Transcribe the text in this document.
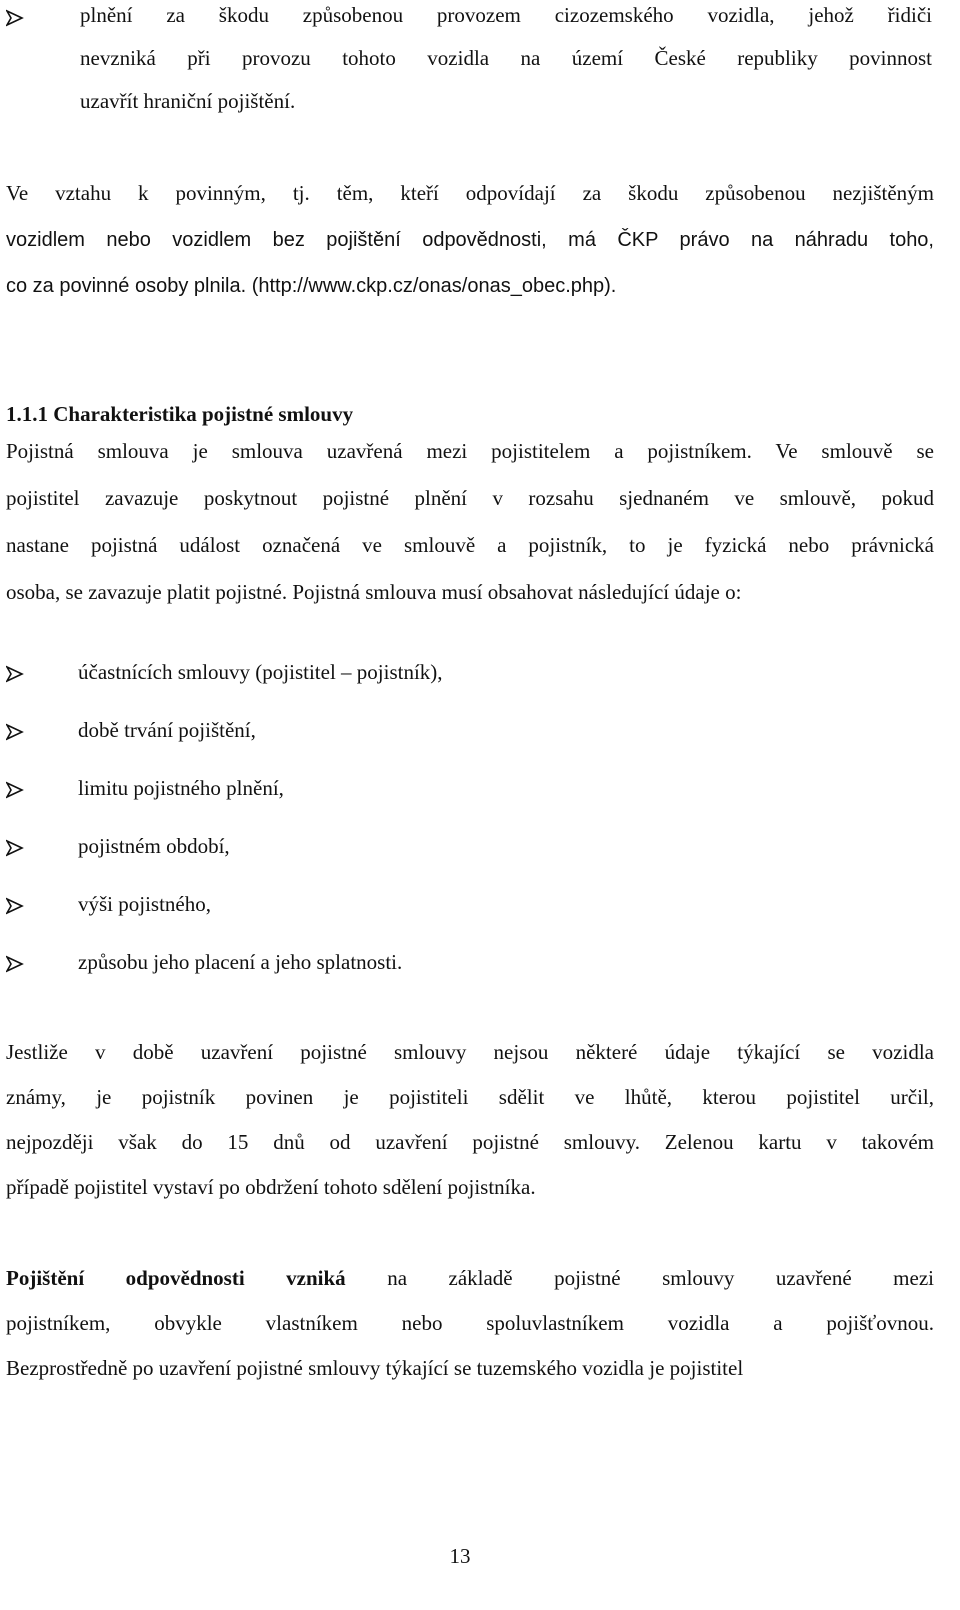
plnění za škodu způsobenou provozem cizozemského vozidla, jehož řidiči
nevzniká při provozu tohoto vozidla na území České republiky povinnost
uzavřít hraniční pojištění.
Ve vztahu k povinným, tj. těm, kteří odpovídají za škodu způsobenou nezjištěným
vozidlem nebo vozidlem bez pojištění odpovědnosti, má ČKP právo na náhradu toho,
co za povinné osoby plnila. (http://www.ckp.cz/onas/onas_obec.php).
1.1.1 Charakteristika pojistné smlouvy
Pojistná smlouva je smlouva uzavřená mezi pojistitelem a pojistníkem. Ve smlouvě se
pojistitel zavazuje poskytnout pojistné plnění v rozsahu sjednaném ve smlouvě, pokud
nastane pojistná událost označená ve smlouvě a pojistník, to je fyzická nebo právnická
osoba, se zavazuje platit pojistné. Pojistná smlouva musí obsahovat následující údaje o:
účastnících smlouvy (pojistitel – pojistník),
době trvání pojištění,
limitu pojistného plnění,
pojistném období,
výši pojistného,
způsobu jeho placení a jeho splatnosti.
Jestliže v době uzavření pojistné smlouvy nejsou některé údaje týkající se vozidla
známy, je pojistník povinen je pojistiteli sdělit ve lhůtě, kterou pojistitel určil,
nejpozději však do 15 dnů od uzavření pojistné smlouvy. Zelenou kartu v takovém
případě pojistitel vystaví po obdržení tohoto sdělení pojistníka.
Pojištění odpovědnosti vzniká na základě pojistné smlouvy uzavřené mezi
pojistníkem, obvykle vlastníkem nebo spoluvlastníkem vozidla a pojišťovnou.
Bezprostředně po uzavření pojistné smlouvy týkající se tuzemského vozidla je pojistitel
13
